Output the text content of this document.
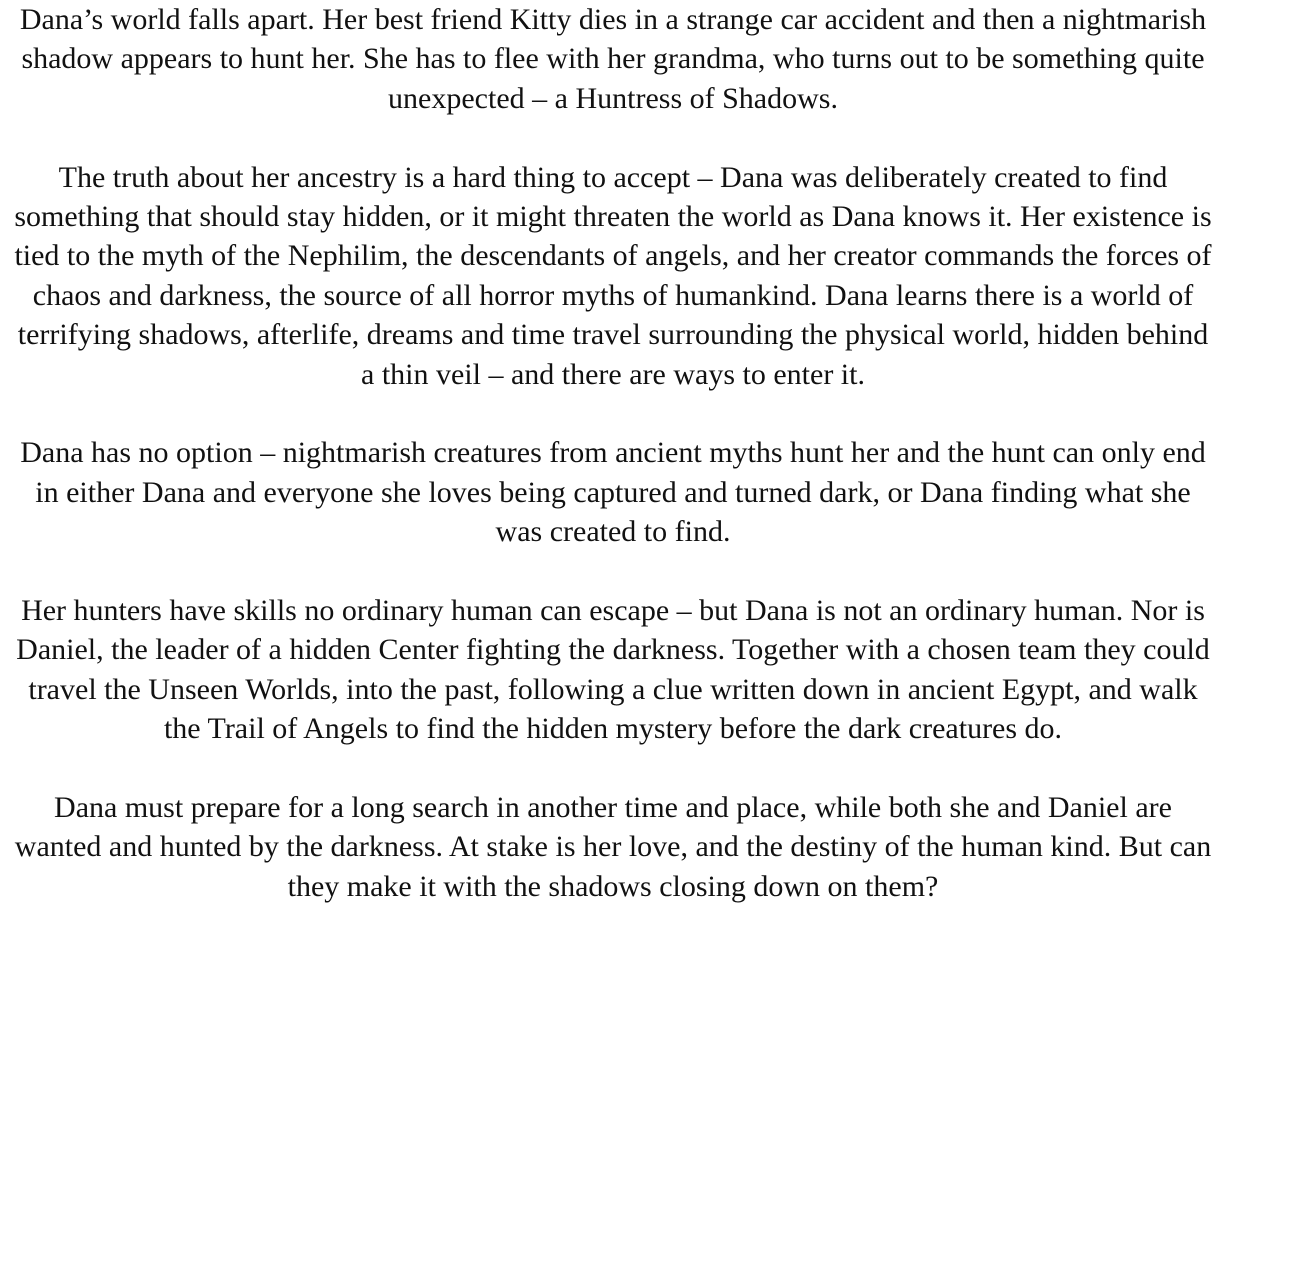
Dana’s world falls apart. Her best friend Kitty dies in a strange car accident and then a nightmarish shadow appears to hunt her. She has to flee with her grandma, who turns out to be something quite unexpected – a Huntress of Shadows.

The truth about her ancestry is a hard thing to accept – Dana was deliberately created to find something that should stay hidden, or it might threaten the world as Dana knows it. Her existence is tied to the myth of the Nephilim, the descendants of angels, and her creator commands the forces of chaos and darkness, the source of all horror myths of humankind. Dana learns there is a world of terrifying shadows, afterlife, dreams and time travel surrounding the physical world, hidden behind a thin veil – and there are ways to enter it.

Dana has no option – nightmarish creatures from ancient myths hunt her and the hunt can only end in either Dana and everyone she loves being captured and turned dark, or Dana finding what she was created to find.

Her hunters have skills no ordinary human can escape – but Dana is not an ordinary human. Nor is Daniel, the leader of a hidden Center fighting the darkness. Together with a chosen team they could travel the Unseen Worlds, into the past, following a clue written down in ancient Egypt, and walk the Trail of Angels to find the hidden mystery before the dark creatures do.

Dana must prepare for a long search in another time and place, while both she and Daniel are wanted and hunted by the darkness. At stake is her love, and the destiny of the human kind. But can they make it with the shadows closing down on them?
